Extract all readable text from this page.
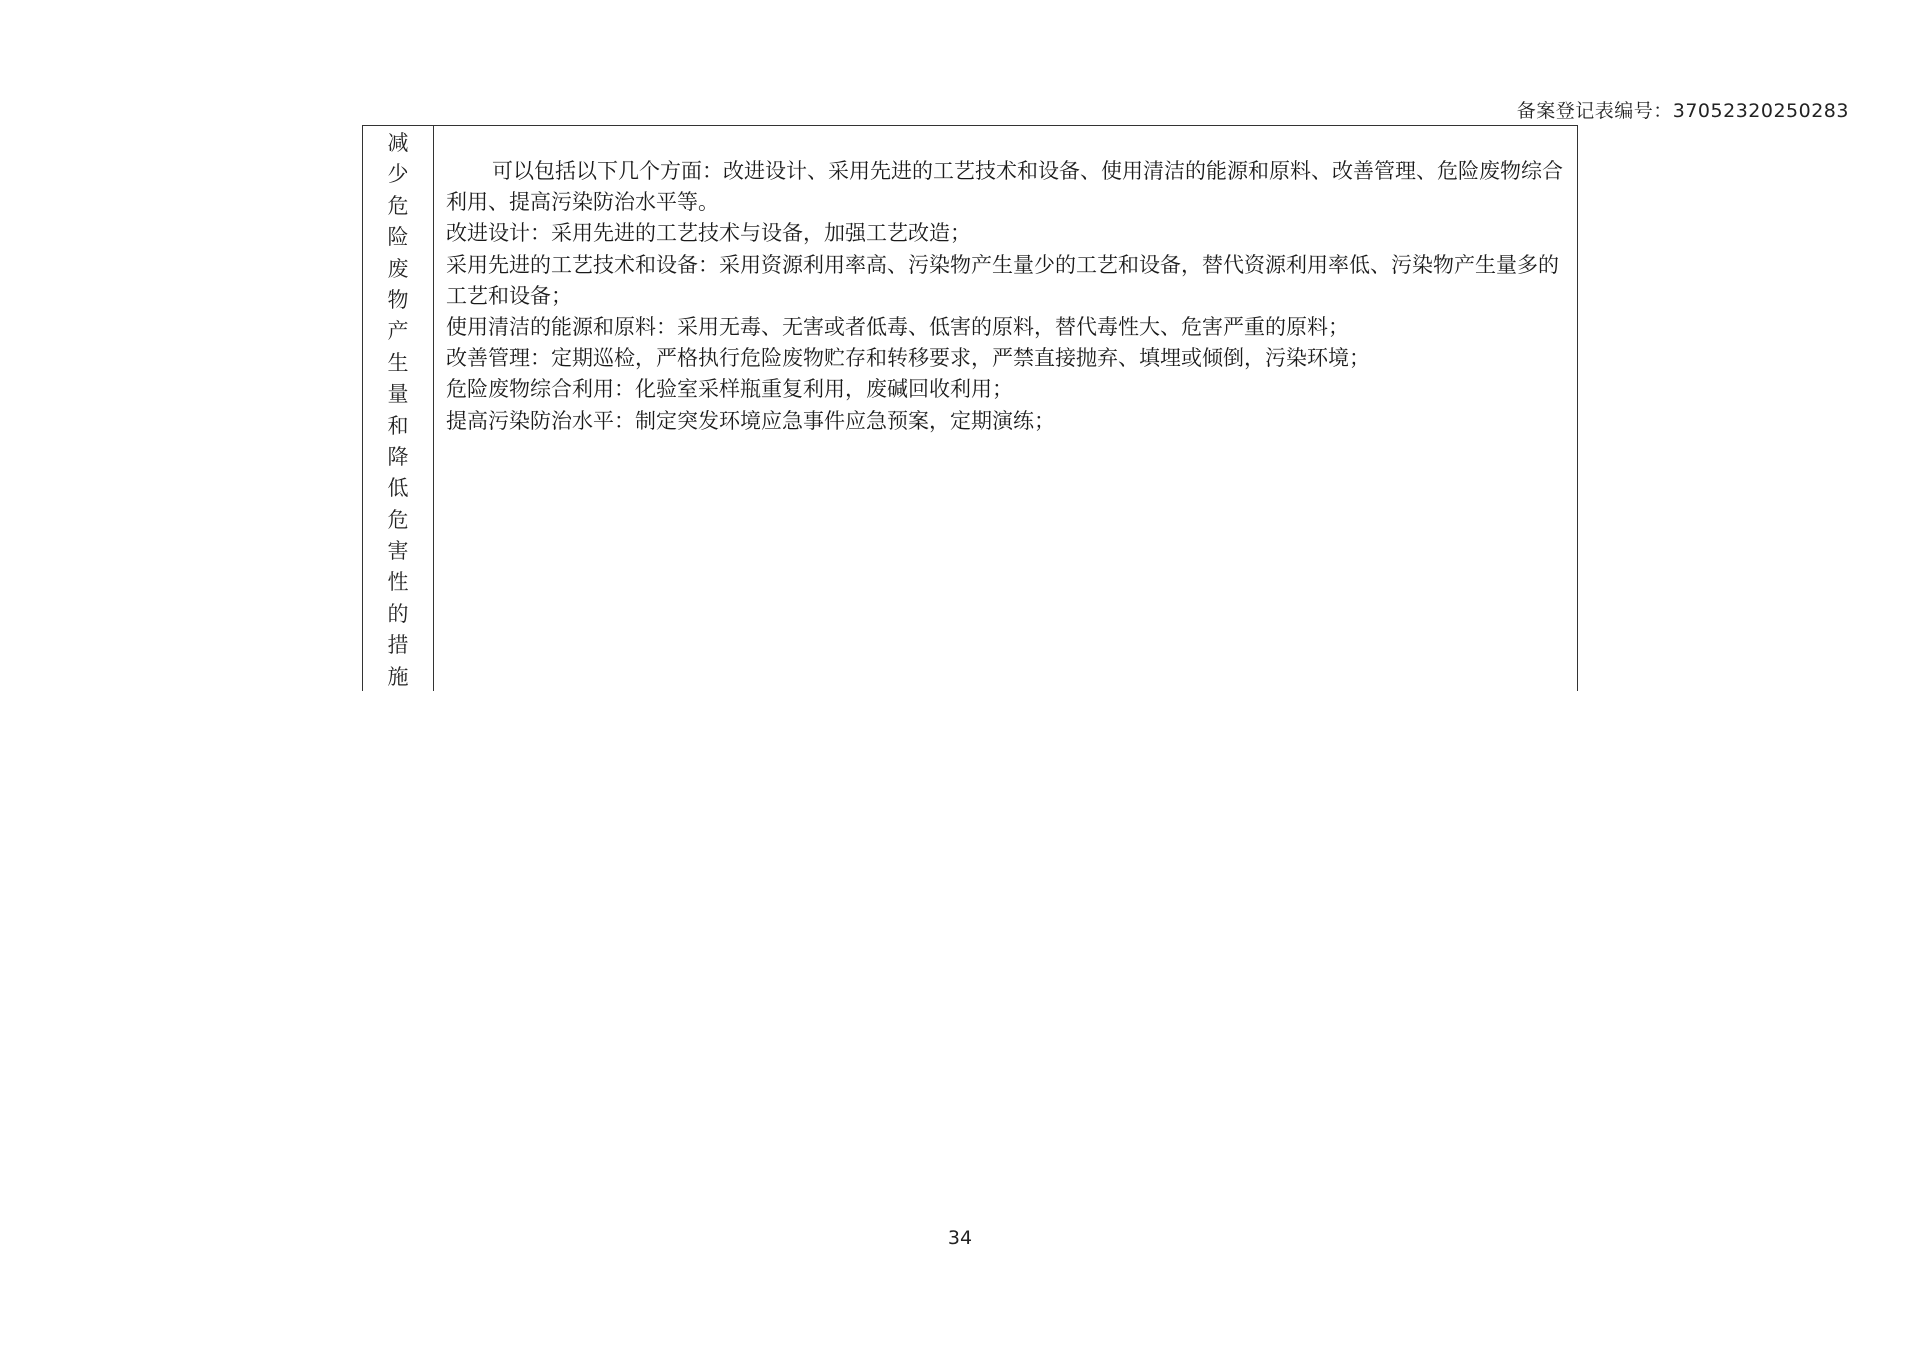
备案登记表编号：37052320250283
减
少
危
险
废
物
产
生
量
和
降
低
危
害
性
的
措
施

可以包括以下几个方面：改进设计、采用先进的工艺技术和设备、使用清洁的能源和原料、改善管理、危险废物综合利用、提高污染防治水平等。

改进设计：采用先进的工艺技术与设备，加强工艺改造；

采用先进的工艺技术和设备：采用资源利用率高、污染物产生量少的工艺和设备，替代资源利用率低、污染物产生量多的工艺和设备；

使用清洁的能源和原料：采用无毒、无害或者低毒、低害的原料，替代毒性大、危害严重的原料；

改善管理：定期巡检，严格执行危险废物贮存和转移要求，严禁直接抛弃、填埋或倾倒，污染环境；

危险废物综合利用：化验室采样瓶重复利用，废碱回收利用；

提高污染防治水平：制定突发环境应急事件应急预案，定期演练；

34
